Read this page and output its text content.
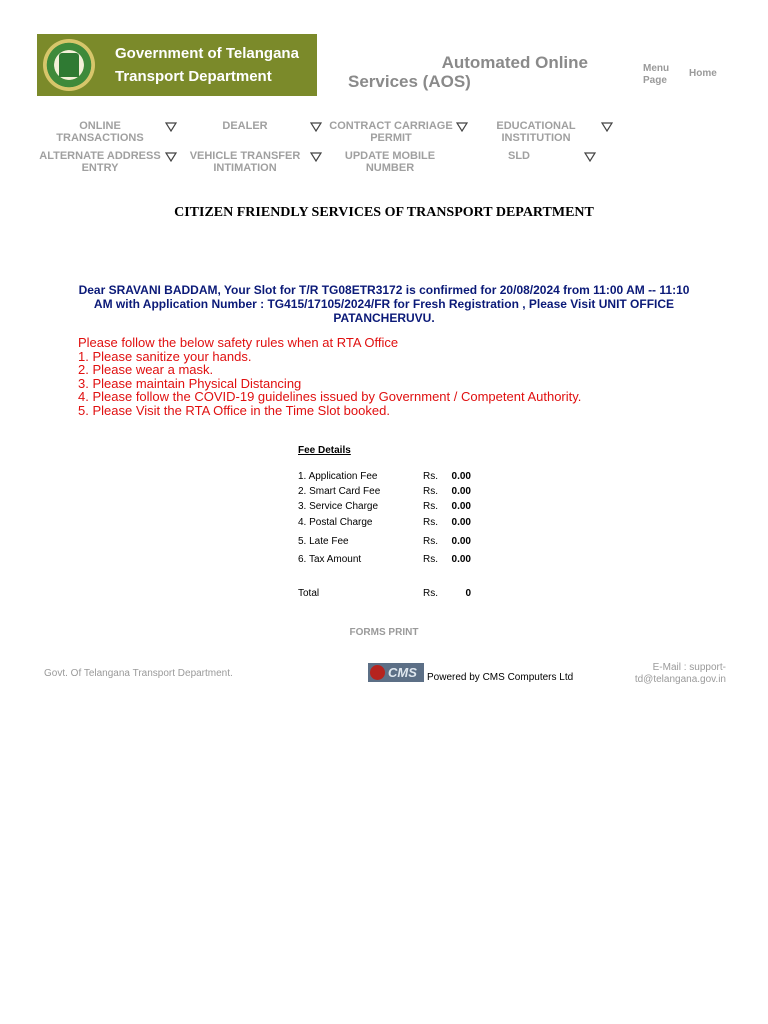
Government of Telangana
Transport Department
Automated Online
Services (AOS)
Menu Page
Home
ONLINE TRANSACTIONS
DEALER	CONTRACT CARRIAGE PERMIT
EDUCATIONAL INSTITUTION
ALTERNATE ADDRESS ENTRY
VEHICLE TRANSFER INTIMATION
UPDATE MOBILE NUMBER
SLD
CITIZEN FRIENDLY SERVICES OF TRANSPORT DEPARTMENT
Dear SRAVANI BADDAM, Your Slot for T/R TG08ETR3172 is confirmed for 20/08/2024 from 11:00 AM -- 11:10 AM with Application Number : TG415/17105/2024/FR for Fresh Registration , Please Visit UNIT OFFICE PATANCHERUVU.
Please follow the below safety rules when at RTA Office
1. Please sanitize your hands.
2. Please wear a mask.
3. Please maintain Physical Distancing
4. Please follow the COVID-19 guidelines issued by Government / Competent Authority.
5. Please Visit the RTA Office in the Time Slot booked.
Fee Details
1. Application Fee	Rs. 0.00
2. Smart Card Fee	Rs. 0.00
3. Service Charge	Rs. 0.00
4. Postal Charge	Rs. 0.00
5. Late Fee	Rs. 0.00
6. Tax Amount	Rs. 0.00
Total	Rs.	0
FORMS PRINT
Govt. Of Telangana Transport Department.	CMS Powered by CMS Computers Ltd
E-Mail : support-td@telangana.gov.in
